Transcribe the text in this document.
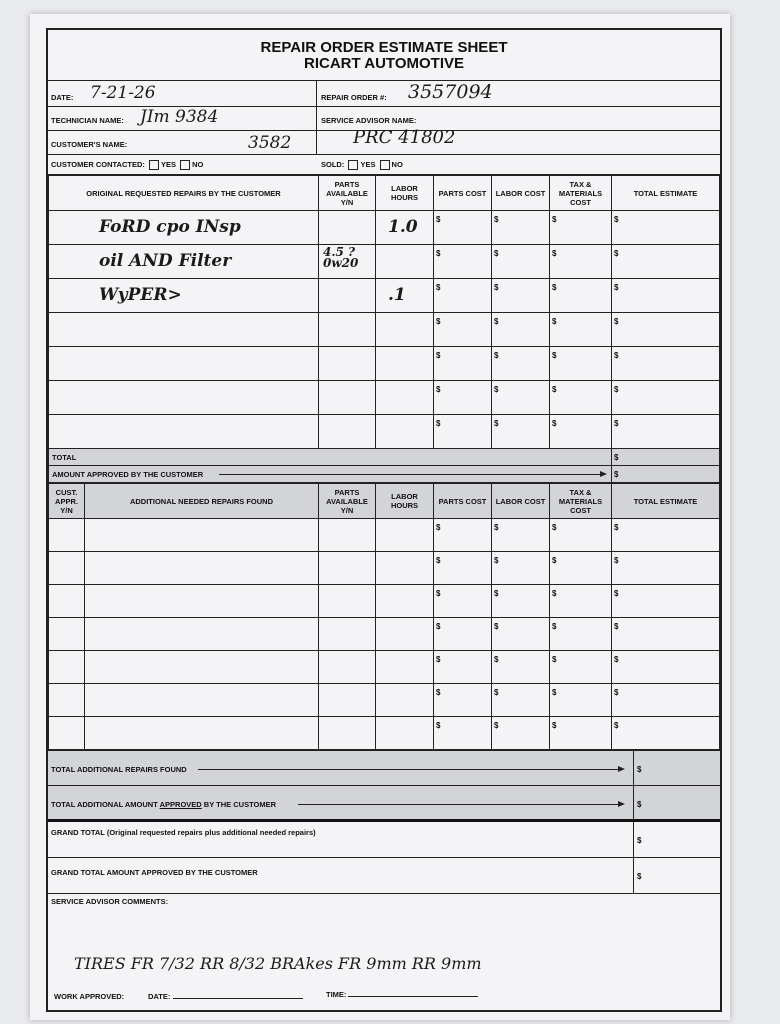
REPAIR ORDER ESTIMATE SHEET
RICART AUTOMOTIVE
DATE: 7-21-26	REPAIR ORDER #: 3557094
TECHNICIAN NAME: JIm 9384	SERVICE ADVISOR NAME:
CUSTOMER'S NAME:	3582	PRC 41802
CUSTOMER CONTACTED: YES NO	SOLD: YES NO
ORIGINAL REQUESTED REPAIRS BY THE CUSTOMER	PARTS AVAILABLE Y/N	LABOR HOURS	PARTS COST	LABOR COST	TAX & MATERIALS COST	TOTAL ESTIMATE

FoRD cpo INsp		1.0	$	$	$	$

oil AND Filter	4.5 ? 0w20		$	$	$	$

WyPER>		.1	$	$	$	$

			$	$	$	$

			$	$	$	$

			$	$	$	$

			$	$	$	$

TOTAL						$

AMOUNT APPROVED BY THE CUSTOMER						$
CUST. APPR. Y/N	ADDITIONAL NEEDED REPAIRS FOUND	PARTS AVAILABLE Y/N	LABOR HOURS	PARTS COST	LABOR COST	TAX & MATERIALS COST	TOTAL ESTIMATE

				$	$	$	$

				$	$	$	$

				$	$	$	$

				$	$	$	$

				$	$	$	$

				$	$	$	$

				$	$	$	$
TOTAL ADDITIONAL REPAIRS FOUND	$
TOTAL ADDITIONAL AMOUNT APPROVED BY THE CUSTOMER	$
GRAND TOTAL (Original requested repairs plus additional needed repairs)
$
GRAND TOTAL AMOUNT APPROVED BY THE CUSTOMER	$
SERVICE ADVISOR COMMENTS:
TIRES FR 7/32 RR 8/32 BRAkes FR 9mm RR 9mm
WORK APPROVED:	DATE:	TIME:
